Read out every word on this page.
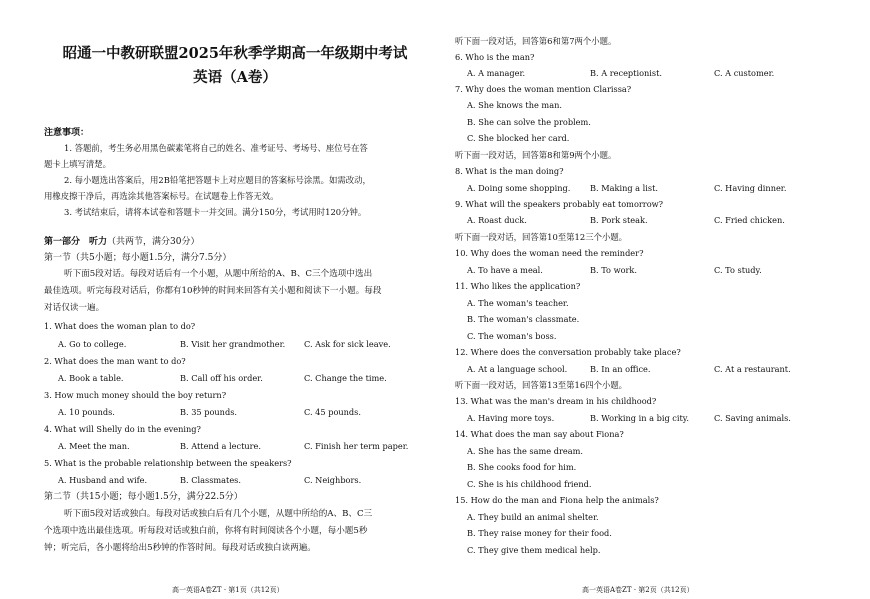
昭通一中教研联盟2025年秋季学期高一年级期中考试
英语（A卷）
注意事项：
1. 答题前，考生务必用黑色碳素笔将自己的姓名、准考证号、考场号、座位号在答
题卡上填写清楚。
2. 每小题选出答案后，用2B铅笔把答题卡上对应题目的答案标号涂黑。如需改动，
用橡皮擦干净后，再选涂其他答案标号。在试题卷上作答无效。
3. 考试结束后，请将本试卷和答题卡一并交回。满分150分，考试用时120分钟。
第一部分　听力（共两节，满分30分）
第一节（共5小题；每小题1.5分，满分7.5分）
听下面5段对话。每段对话后有一个小题，从题中所给的A、B、C三个选项中选出
最佳选项。听完每段对话后，你都有10秒钟的时间来回答有关小题和阅读下一小题。每段
对话仅读一遍。
1. What does the woman plan to do?
A. Go to college.	B. Visit her grandmother. C. Ask for sick leave.
2. What does the man want to do?
A. Book a table.	B. Call off his order.	C. Change the time.
3. How much money should the boy return?
A. 10 pounds.	B. 35 pounds.	C. 45 pounds.
4. What will Shelly do in the evening?
A. Meet the man.	B. Attend a lecture.	C. Finish her term paper.
5. What is the probable relationship between the speakers?
A. Husband and wife.	B. Classmates.	C. Neighbors.
第二节（共15小题；每小题1.5分，满分22.5分）
听下面5段对话或独白。每段对话或独白后有几个小题，从题中所给的A、B、C三
个选项中选出最佳选项。听每段对话或独白前，你将有时间阅读各个小题，每小题5秒
钟；听完后，各小题将给出5秒钟的作答时间。每段对话或独白读两遍。
高一英语A卷ZT · 第1页（共12页）
听下面一段对话，回答第6和第7两个小题。
6. Who is the man?
A. A manager.	B. A receptionist.	C. A customer.
7. Why does the woman mention Clarissa?
A. She knows the man.
B. She can solve the problem.
C. She blocked her card.
听下面一段对话，回答第8和第9两个小题。
8. What is the man doing?
A. Doing some shopping. B. Making a list.	C. Having dinner.
9. What will the speakers probably eat tomorrow?
A. Roast duck.	B. Pork steak.	C. Fried chicken.
听下面一段对话，回答第10至第12三个小题。
10. Why does the woman need the reminder?
A. To have a meal.	B. To work.	C. To study.
11. Who likes the application?
A. The woman's teacher.
B. The woman's classmate.
C. The woman's boss.
12. Where does the conversation probably take place?
A. At a language school.	B. In an office.	C. At a restaurant.
听下面一段对话，回答第13至第16四个小题。
13. What was the man's dream in his childhood?
A. Having more toys.	B. Working in a big city.	C. Saving animals.
14. What does the man say about Fiona?
A. She has the same dream.
B. She cooks food for him.
C. She is his childhood friend.
15. How do the man and Fiona help the animals?
A. They build an animal shelter.
B. They raise money for their food.
C. They give them medical help.
高一英语A卷ZT · 第2页（共12页）
